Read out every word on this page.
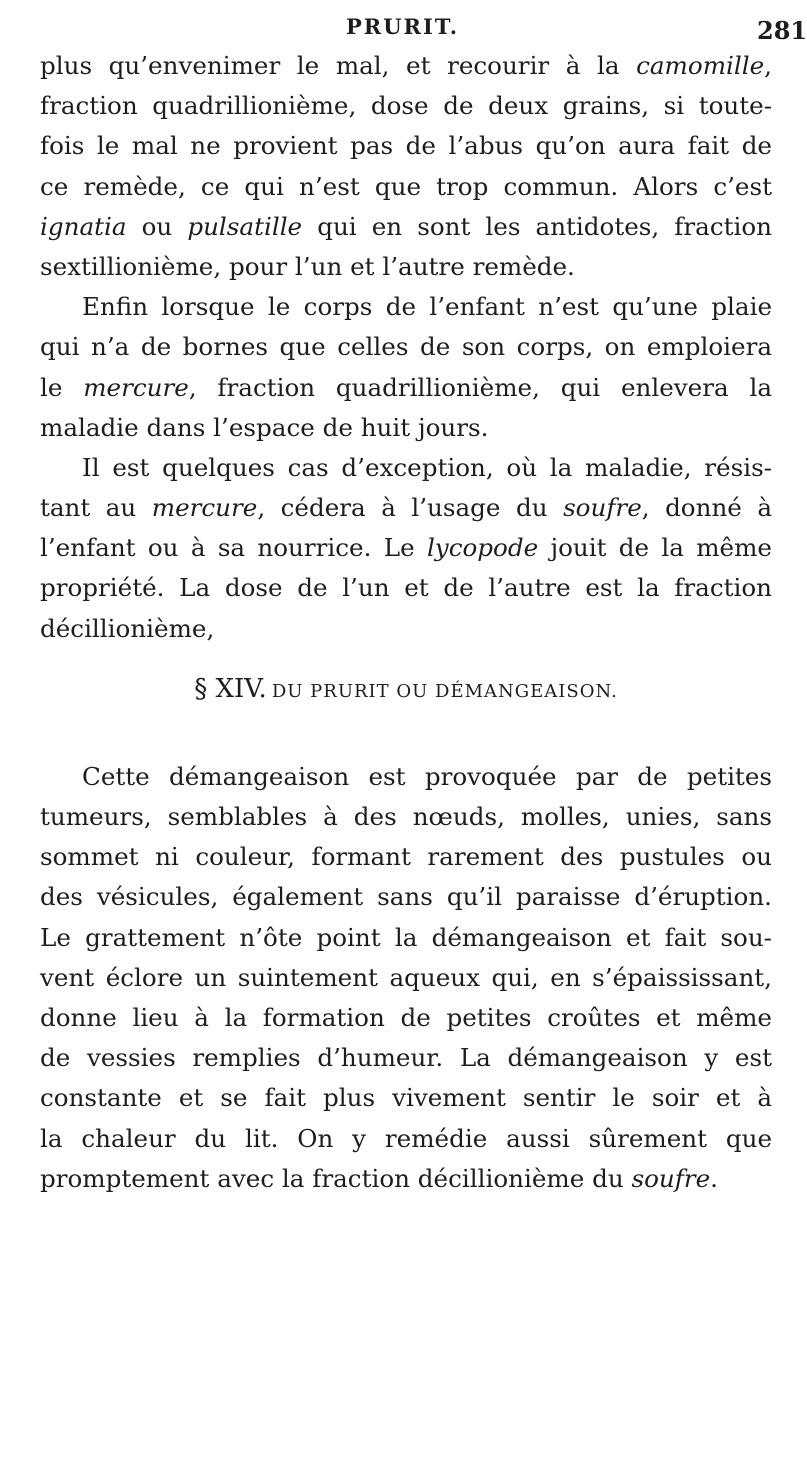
PRURIT.	281
plus qu’envenimer le mal, et recourir à la camomille,
fraction quadrillionième, dose de deux grains, si toute-
fois le mal ne provient pas de l’abus qu’on aura fait de
ce remède, ce qui n’est que trop commun. Alors c’est
ignatia ou pulsatille qui en sont les antidotes, fraction
sextillionième, pour l’un et l’autre remède.
Enfin lorsque le corps de l’enfant n’est qu’une plaie
qui n’a de bornes que celles de son corps, on emploiera
le mercure, fraction quadrillionième, qui enlevera la
maladie dans l’espace de huit jours.
Il est quelques cas d’exception, où la maladie, résis-
tant au mercure, cédera à l’usage du soufre, donné à
l’enfant ou à sa nourrice. Le lycopode jouit de la même
propriété. La dose de l’un et de l’autre est la fraction
décillionième,
§ XIV. DU PRURIT OU DÉMANGEAISON.
Cette démangeaison est provoquée par de petites
tumeurs, semblables à des nœuds, molles, unies, sans
sommet ni couleur, formant rarement des pustules ou
des vésicules, également sans qu’il paraisse d’éruption.
Le grattement n’ôte point la démangeaison et fait sou-
vent éclore un suintement aqueux qui, en s’épaississant,
donne lieu à la formation de petites croûtes et même
de vessies remplies d’humeur. La démangeaison y est
constante et se fait plus vivement sentir le soir et à
la chaleur du lit. On y remédie aussi sûrement que
promptement avec la fraction décillionième du soufre.
